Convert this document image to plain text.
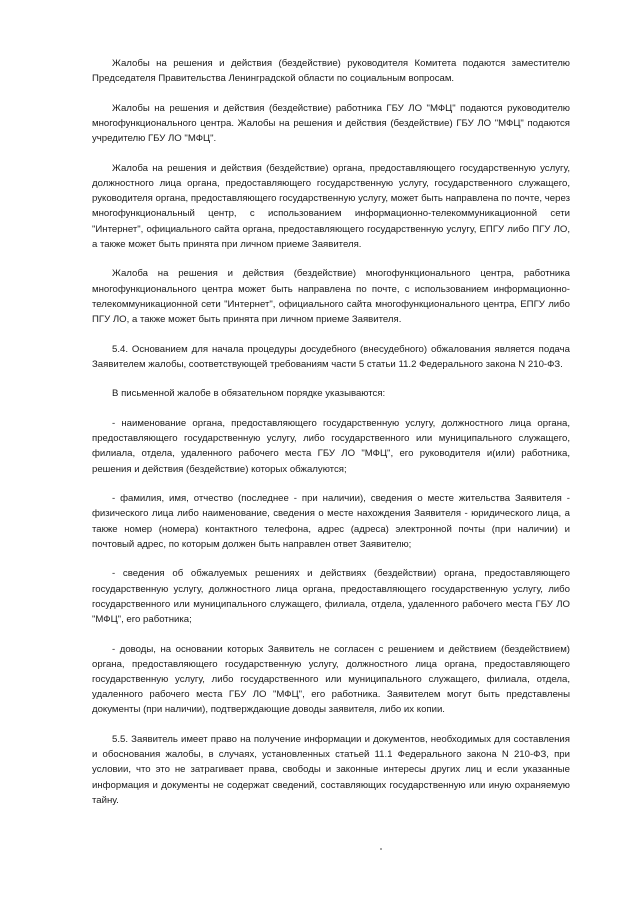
Жалобы на решения и действия (бездействие) руководителя Комитета подаются заместителю Председателя Правительства Ленинградской области по социальным вопросам.

Жалобы на решения и действия (бездействие) работника ГБУ ЛО "МФЦ" подаются руководителю многофункционального центра. Жалобы на решения и действия (бездействие) ГБУ ЛО "МФЦ" подаются учредителю ГБУ ЛО "МФЦ".

Жалоба на решения и действия (бездействие) органа, предоставляющего государственную услугу, должностного лица органа, предоставляющего государственную услугу, государственного служащего, руководителя органа, предоставляющего государственную услугу, может быть направлена по почте, через многофункциональный центр, с использованием информационно-телекоммуникационной сети "Интернет", официального сайта органа, предоставляющего государственную услугу, ЕПГУ либо ПГУ ЛО, а также может быть принята при личном приеме Заявителя.

Жалоба на решения и действия (бездействие) многофункционального центра, работника многофункционального центра может быть направлена по почте, с использованием информационно-телекоммуникационной сети "Интернет", официального сайта многофункционального центра, ЕПГУ либо ПГУ ЛО, а также может быть принята при личном приеме Заявителя.

5.4. Основанием для начала процедуры досудебного (внесудебного) обжалования является подача Заявителем жалобы, соответствующей требованиям части 5 статьи 11.2 Федерального закона N 210-ФЗ.

В письменной жалобе в обязательном порядке указываются:

- наименование органа, предоставляющего государственную услугу, должностного лица органа, предоставляющего государственную услугу, либо государственного или муниципального служащего, филиала, отдела, удаленного рабочего места ГБУ ЛО "МФЦ", его руководителя и(или) работника, решения и действия (бездействие) которых обжалуются;

- фамилия, имя, отчество (последнее - при наличии), сведения о месте жительства Заявителя - физического лица либо наименование, сведения о месте нахождения Заявителя - юридического лица, а также номер (номера) контактного телефона, адрес (адреса) электронной почты (при наличии) и почтовый адрес, по которым должен быть направлен ответ Заявителю;

- сведения об обжалуемых решениях и действиях (бездействии) органа, предоставляющего государственную услугу, должностного лица органа, предоставляющего государственную услугу, либо государственного или муниципального служащего, филиала, отдела, удаленного рабочего места ГБУ ЛО "МФЦ", его работника;

- доводы, на основании которых Заявитель не согласен с решением и действием (бездействием) органа, предоставляющего государственную услугу, должностного лица органа, предоставляющего государственную услугу, либо государственного или муниципального служащего, филиала, отдела, удаленного рабочего места ГБУ ЛО "МФЦ", его работника. Заявителем могут быть представлены документы (при наличии), подтверждающие доводы заявителя, либо их копии.

5.5. Заявитель имеет право на получение информации и документов, необходимых для составления и обоснования жалобы, в случаях, установленных статьей 11.1 Федерального закона N 210-ФЗ, при условии, что это не затрагивает права, свободы и законные интересы других лиц и если указанные информация и документы не содержат сведений, составляющих государственную или иную охраняемую тайну.
